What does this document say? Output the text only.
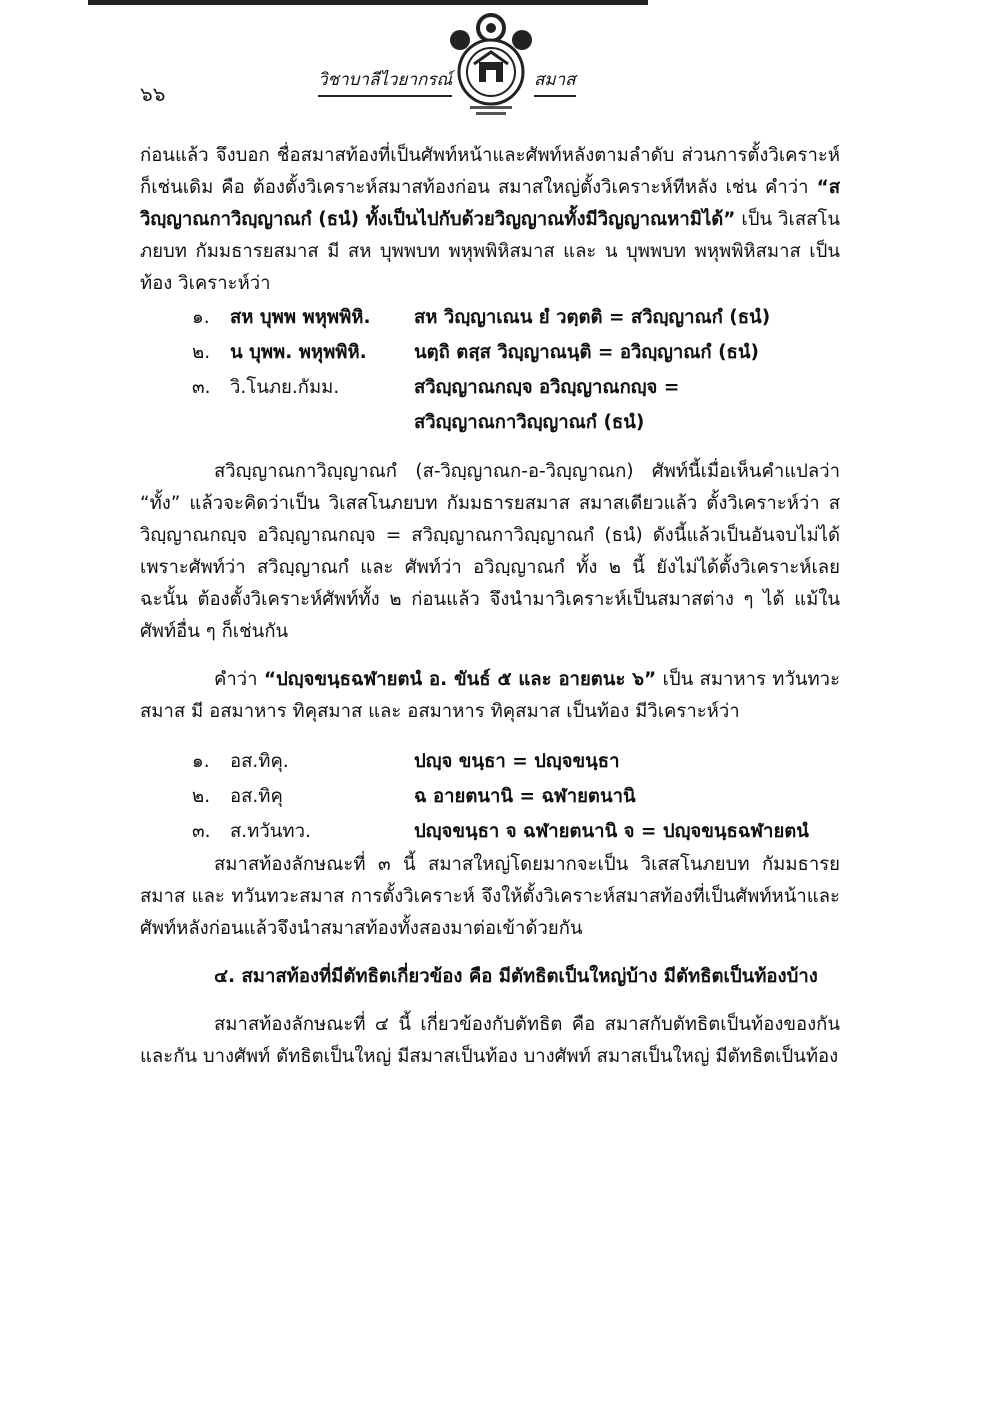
๖๖
วิชาบาลีไวยากรณ์	สมาส

ก่อนแล้ว จึงบอก ชื่อสมาสท้องที่เป็นศัพท์หน้าและศัพท์หลังตามลำดับ ส่วนการตั้งวิเคราะห์ก็เช่นเดิม คือ ต้องตั้งวิเคราะห์สมาสท้องก่อน สมาสใหญ่ตั้งวิเคราะห์ทีหลัง เช่น คำว่า “สวิญฺญาณกาวิญฺญาณกํ (ธนํ) ทั้งเป็นไปกับด้วยวิญญาณทั้งมีวิญญาณหามิได้” เป็น วิเสสโนภยบท กัมมธารยสมาส มี สห บุพพบท พหุพพิหิสมาส และ น บุพพบท พหุพพิหิสมาส เป็นท้อง วิเคราะห์ว่า

๑.	สห บุพพ พหุพพิหิ.	สห วิญฺญาเณน ยํ วตฺตติ = สวิญฺญาณกํ (ธนํ)
๒.	น บุพพ. พหุพพิหิ.	นตฺถิ ตสฺส วิญฺญาณนฺติ = อวิญฺญาณกํ (ธนํ)
๓.	วิ.โนภย.กัมม.	สวิญฺญาณกญฺจ อวิญฺญาณกญฺจ =
สวิญฺญาณกาวิญฺญาณกํ (ธนํ)

สวิญฺญาณกาวิญฺญาณกํ (ส-วิญฺญาณก-อ-วิญฺญาณก) ศัพท์นี้เมื่อเห็นคำแปลว่า “ทั้ง” แล้วจะคิดว่าเป็น วิเสสโนภยบท กัมมธารยสมาส สมาสเดียวแล้ว ตั้งวิเคราะห์ว่า สวิญฺญาณกญฺจ อวิญฺญาณกญฺจ = สวิญฺญาณกาวิญฺญาณกํ (ธนํ) ดังนี้แล้วเป็นอันจบไม่ได้ เพราะศัพท์ว่า สวิญฺญาณกํ และ ศัพท์ว่า อวิญฺญาณกํ ทั้ง ๒ นี้ ยังไม่ได้ตั้งวิเคราะห์เลย ฉะนั้น ต้องตั้งวิเคราะห์ศัพท์ทั้ง ๒ ก่อนแล้ว จึงนำมาวิเคราะห์เป็นสมาสต่าง ๆ ได้ แม้ในศัพท์อื่น ๆ ก็เช่นกัน

คำว่า “ปญฺจขนฺธฉฬายตนํ อ. ขันธ์ ๕ และ อายตนะ ๖” เป็น สมาหาร ทวันทวะสมาส มี อสมาหาร ทิคุสมาส และ อสมาหาร ทิคุสมาส เป็นท้อง มีวิเคราะห์ว่า

๑.	อส.ทิคุ.	ปญฺจ ขนฺธา = ปญฺจขนฺธา
๒.	อส.ทิคุ	ฉ อายตนานิ = ฉฬายตนานิ
๓.	ส.ทวันทว.	ปญฺจขนฺธา จ ฉฬายตนานิ จ = ปญฺจขนฺธฉฬายตนํ

สมาสท้องลักษณะที่ ๓ นี้ สมาสใหญ่โดยมากจะเป็น วิเสสโนภยบท กัมมธารยสมาส และ ทวันทวะสมาส การตั้งวิเคราะห์ จึงให้ตั้งวิเคราะห์สมาสท้องที่เป็นศัพท์หน้าและศัพท์หลังก่อนแล้วจึงนำสมาสท้องทั้งสองมาต่อเข้าด้วยกัน

๔. สมาสท้องที่มีตัทธิตเกี่ยวข้อง คือ มีตัทธิตเป็นใหญ่บ้าง มีตัทธิตเป็นท้องบ้าง

สมาสท้องลักษณะที่ ๔ นี้ เกี่ยวข้องกับตัทธิต คือ สมาสกับตัทธิตเป็นท้องของกันและกัน บางศัพท์ ตัทธิตเป็นใหญ่ มีสมาสเป็นท้อง บางศัพท์ สมาสเป็นใหญ่ มีตัทธิตเป็นท้อง
